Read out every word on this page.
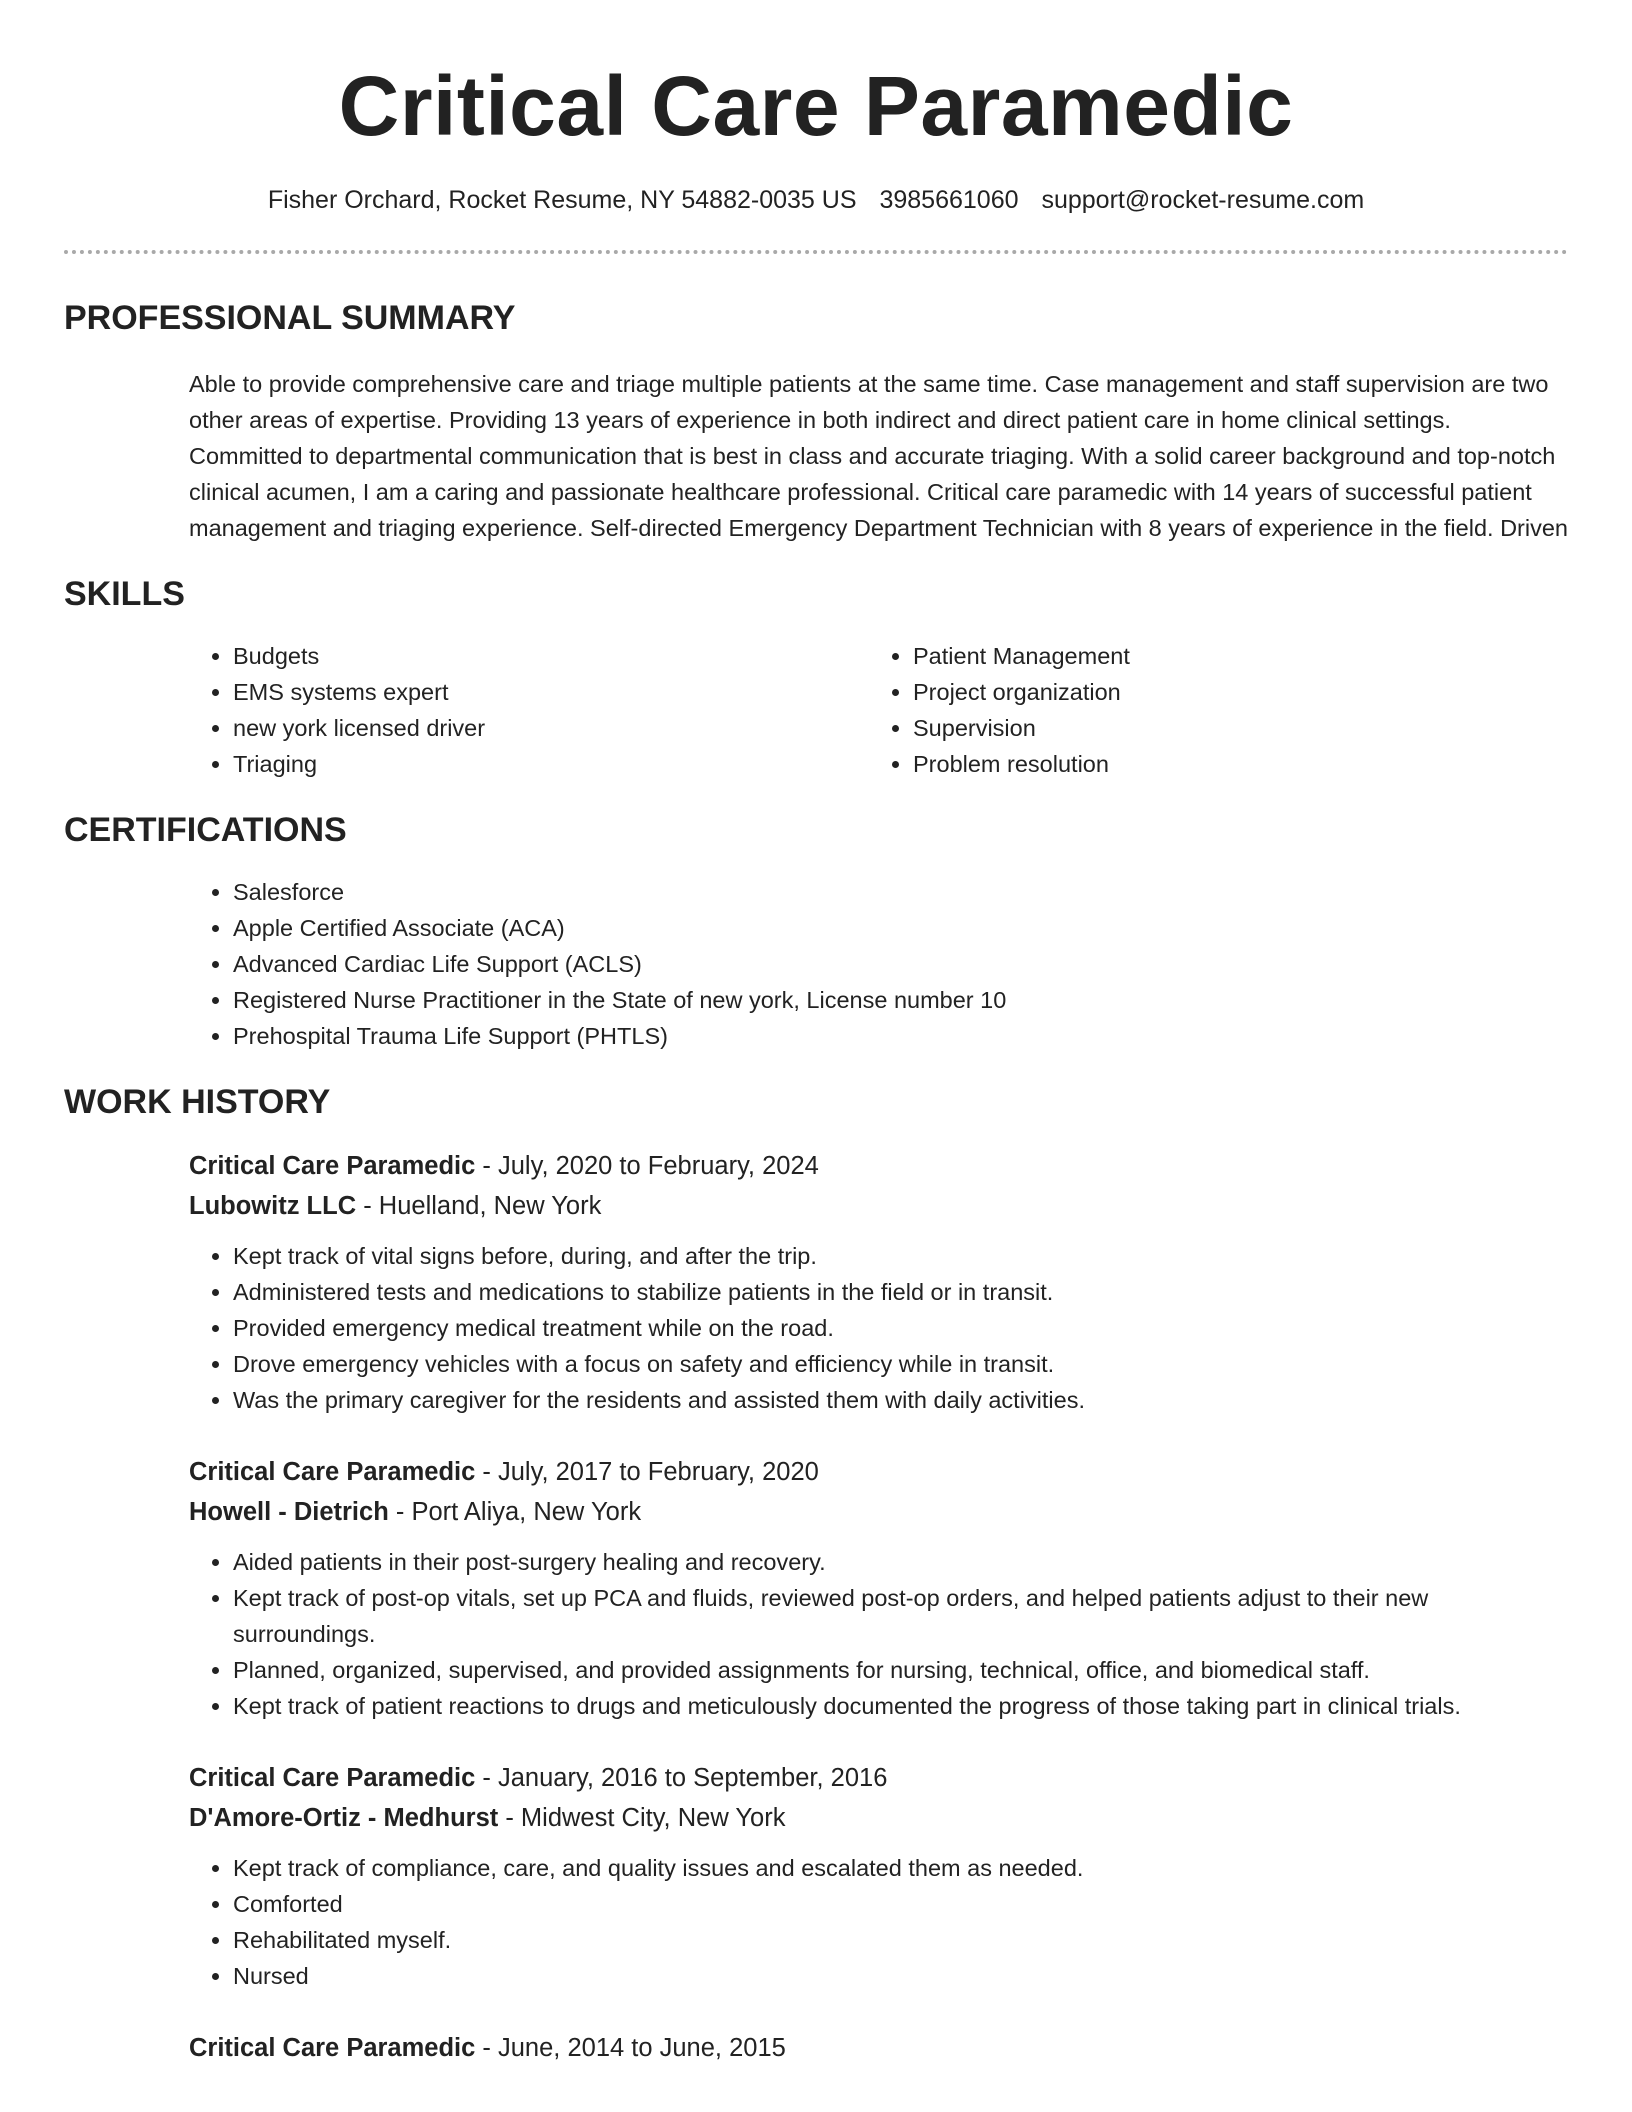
Critical Care Paramedic
Fisher Orchard, Rocket Resume, NY 54882-0035 US 3985661060 support@rocket-resume.com
PROFESSIONAL SUMMARY
Able to provide comprehensive care and triage multiple patients at the same time. Case management and staff supervision are two other areas of expertise. Providing 13 years of experience in both indirect and direct patient care in home clinical settings. Committed to departmental communication that is best in class and accurate triaging. With a solid career background and top-notch clinical acumen, I am a caring and passionate healthcare professional. Critical care paramedic with 14 years of successful patient management and triaging experience. Self-directed Emergency Department Technician with 8 years of experience in the field. Driven
SKILLS
• Budgets
• EMS systems expert
• new york licensed driver
• Triaging
• Patient Management
• Project organization
• Supervision
• Problem resolution
CERTIFICATIONS
• Salesforce
• Apple Certified Associate (ACA)
• Advanced Cardiac Life Support (ACLS)
• Registered Nurse Practitioner in the State of new york, License number 10
• Prehospital Trauma Life Support (PHTLS)
WORK HISTORY
Critical Care Paramedic - July, 2020 to February, 2024
Lubowitz LLC - Huelland, New York
• Kept track of vital signs before, during, and after the trip.
• Administered tests and medications to stabilize patients in the field or in transit.
• Provided emergency medical treatment while on the road.
• Drove emergency vehicles with a focus on safety and efficiency while in transit.
• Was the primary caregiver for the residents and assisted them with daily activities.
Critical Care Paramedic - July, 2017 to February, 2020
Howell - Dietrich - Port Aliya, New York
• Aided patients in their post-surgery healing and recovery.
• Kept track of post-op vitals, set up PCA and fluids, reviewed post-op orders, and helped patients adjust to their new surroundings.
• Planned, organized, supervised, and provided assignments for nursing, technical, office, and biomedical staff.
• Kept track of patient reactions to drugs and meticulously documented the progress of those taking part in clinical trials.
Critical Care Paramedic - January, 2016 to September, 2016
D'Amore-Ortiz - Medhurst - Midwest City, New York
• Kept track of compliance, care, and quality issues and escalated them as needed.
• Comforted
• Rehabilitated myself.
• Nursed
Critical Care Paramedic - June, 2014 to June, 2015
